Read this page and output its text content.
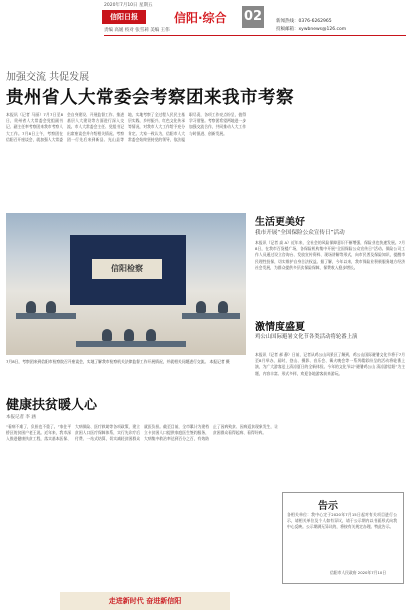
2020年7月10日 星期五
信阳日报	信阳·综合 02
责编 高媛 校对 张雪莉 美编 王伟
新闻热线：0376-6262965
投稿邮箱：xywbnews@126.com
加强交流 共促发展
贵州省人大常委会考察团来我市考察
本报讯（记者 马丽）7月7日至8日，贵州省人大常委会党组副书记、副主任率考察团来我市考察人大工作。7月8日上午，考察团在信阳召开座谈会，就加强人大常委会自身建设、开展监督工作、推进基层人大建设等方面进行深入交流。市人大常委会主任、党组书记出席座谈会并介绍相关情况。考察团一行先后来到新县、光山县等地，实地考察了全过程人民民主基层实践、乡村振兴、红色文化传承等情况，对我市人大工作给予充分肯定。大家一致认为，信阳市人大常委会始终坚持党的领导，依法履职尽责，各项工作亮点纷呈，值得学习借鉴。考察团希望两地进一步加强交流合作，共同推动人大工作与时俱进、创新发展。
信阳检察
7月8日，考察团来到信阳市检察院召开座谈会，实地了解我市检察机关法律监督工作开展情况，并就相关问题进行交流。 本报记者 摄
生活更美好
我市开展“全国保险公众宣传日”活动
本报讯（记者 高 A）近年来，全社会的风险保障意识不断增强，保险业也快速发展。7月8日，在我市百货楼广场，各保险机构集中开展“全国保险公众宣传日”活动。保险公司工作人员通过设立咨询台、发放宣传资料、现场讲解等形式，向市民普及保险知识，提醒市民理性投保，切实维护自身合法权益。据了解，今年以来，我市保险业积极服务地方经济社会发展，为群众提供多层次保险保障，保费收入稳步增长。
激情度盛夏
鸡公山国际避暑文化节各类活动将轮番上演
本报讯（记者 郝 静）日前，记者从鸡公山风景区了解到，鸡公山国际避暑文化节将于7月至8月举办，届时，登山、摄影、音乐会、篝火晚会等一系列精彩纷呈的活动将轮番上演，为广大游客送上清凉夏日的全新体验。今年的文化节以“避暑鸡公山 清凉游信阳”为主题，内容丰富、形式多样，欢迎各地游客前来游玩。
健康扶贫暖人心
本报记者 李 涵
“看病不难了，负担也不重了。”家住平桥区的贫困户老王说。近年来，我市深入推进健康扶贫工程，落实基本医保、大病保险、医疗救助等各项政策，建立贫困人口医疗保障体系，实行先诊疗后付费、一站式结算，切实减轻贫困群众就医负担。截至目前，全市累计为建档立卡贫困人口提供家庭医生签约服务，大病集中救治率达到百分之百，有效防止了因病致贫、因病返贫现象发生，让贫困群众看得起病、看得好病。
告示
各相关单位：我中心定于2020年7月15日起对有关项目进行公示，请相关单位及个人如有异议，请于公示期内以书面形式向我中心反映。公示期满无异议的，将按有关规定办理。特此告示。
信阳市人民政府 2020年7月10日
走进新时代 奋进新信阳
